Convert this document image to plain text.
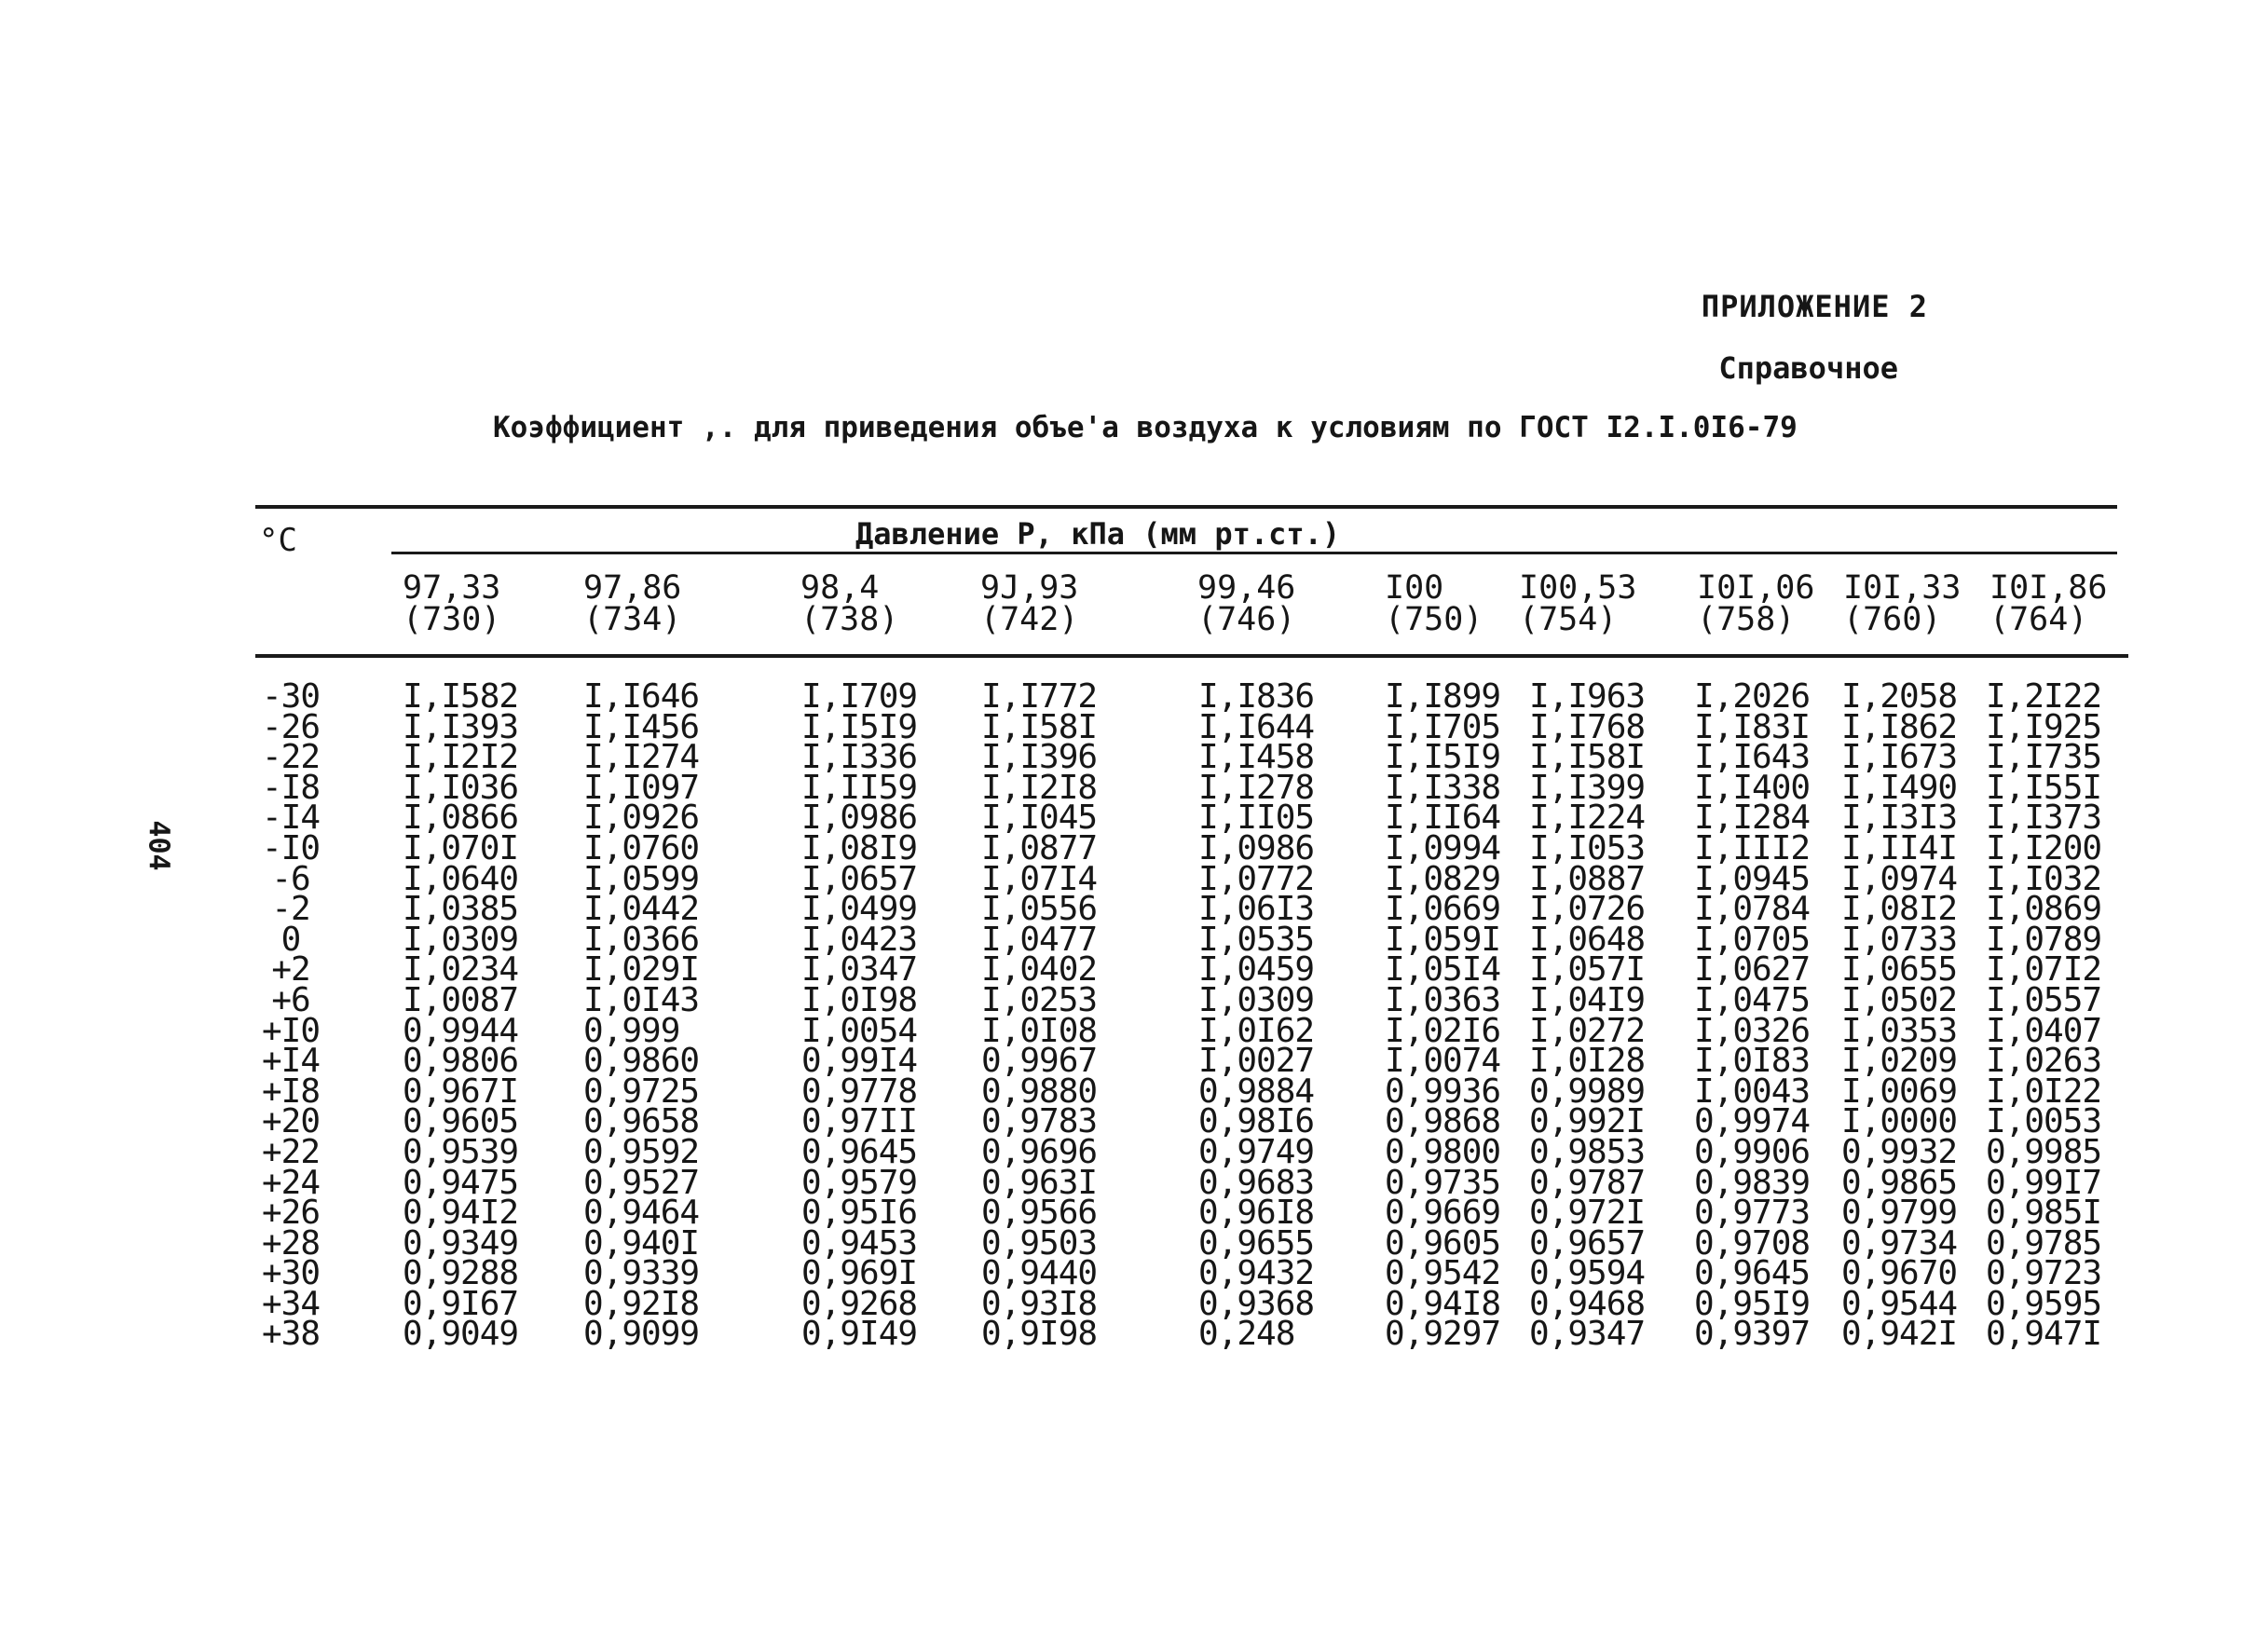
ПРИЛОЖЕНИЕ 2
Справочное
Коэффициент ,. для приведения объе'а воздуха к условиям по ГОСТ I2.I.0I6-79
404
°C	Давление Р, кПа (мм рт.ст.)
97,33
(730)
97,86
(734)
98,4
(738)
9J,93
(742)
99,46
(746)
I00
(750)
I00,53
(754)
I0I,06
(758)
I0I,33
(760)
I0I,86
(764)
-30
-26
-22
-I8
-I4
-I0
-6
-2
0
+2
+6
+I0
+I4
+I8
+20
+22
+24
+26
+28
+30
+34
+38
I,I582
I,I393
I,I2I2
I,I036
I,0866
I,070I
I,0640
I,0385
I,0309
I,0234
I,0087
0,9944
0,9806
0,967I
0,9605
0,9539
0,9475
0,94I2
0,9349
0,9288
0,9I67
0,9049
I,I646
I,I456
I,I274
I,I097
I,0926
I,0760
I,0599
I,0442
I,0366
I,029I
I,0I43
0,999
0,9860
0,9725
0,9658
0,9592
0,9527
0,9464
0,940I
0,9339
0,92I8
0,9099
I,I709
I,I5I9
I,I336
I,II59
I,0986
I,08I9
I,0657
I,0499
I,0423
I,0347
I,0I98
I,0054
0,99I4
0,9778
0,97II
0,9645
0,9579
0,95I6
0,9453
0,969I
0,9268
0,9I49
I,I772
I,I58I
I,I396
I,I2I8
I,I045
I,0877
I,07I4
I,0556
I,0477
I,0402
I,0253
I,0I08
0,9967
0,9880
0,9783
0,9696
0,963I
0,9566
0,9503
0,9440
0,93I8
0,9I98
I,I836
I,I644
I,I458
I,I278
I,II05
I,0986
I,0772
I,06I3
I,0535
I,0459
I,0309
I,0I62
I,0027
0,9884
0,98I6
0,9749
0,9683
0,96I8
0,9655
0,9432
0,9368
0,248
I,I899
I,I705
I,I5I9
I,I338
I,II64
I,0994
I,0829
I,0669
I,059I
I,05I4
I,0363
I,02I6
I,0074
0,9936
0,9868
0,9800
0,9735
0,9669
0,9605
0,9542
0,94I8
0,9297
I,I963
I,I768
I,I58I
I,I399
I,I224
I,I053
I,0887
I,0726
I,0648
I,057I
I,04I9
I,0272
I,0I28
0,9989
0,992I
0,9853
0,9787
0,972I
0,9657
0,9594
0,9468
0,9347
I,2026
I,I83I
I,I643
I,I400
I,I284
I,III2
I,0945
I,0784
I,0705
I,0627
I,0475
I,0326
I,0I83
I,0043
0,9974
0,9906
0,9839
0,9773
0,9708
0,9645
0,95I9
0,9397
I,2058
I,I862
I,I673
I,I490
I,I3I3
I,II4I
I,0974
I,08I2
I,0733
I,0655
I,0502
I,0353
I,0209
I,0069
I,0000
0,9932
0,9865
0,9799
0,9734
0,9670
0,9544
0,942I
I,2I22
I,I925
I,I735
I,I55I
I,I373
I,I200
I,I032
I,0869
I,0789
I,07I2
I,0557
I,0407
I,0263
I,0I22
I,0053
0,9985
0,99I7
0,985I
0,9785
0,9723
0,9595
0,947I
